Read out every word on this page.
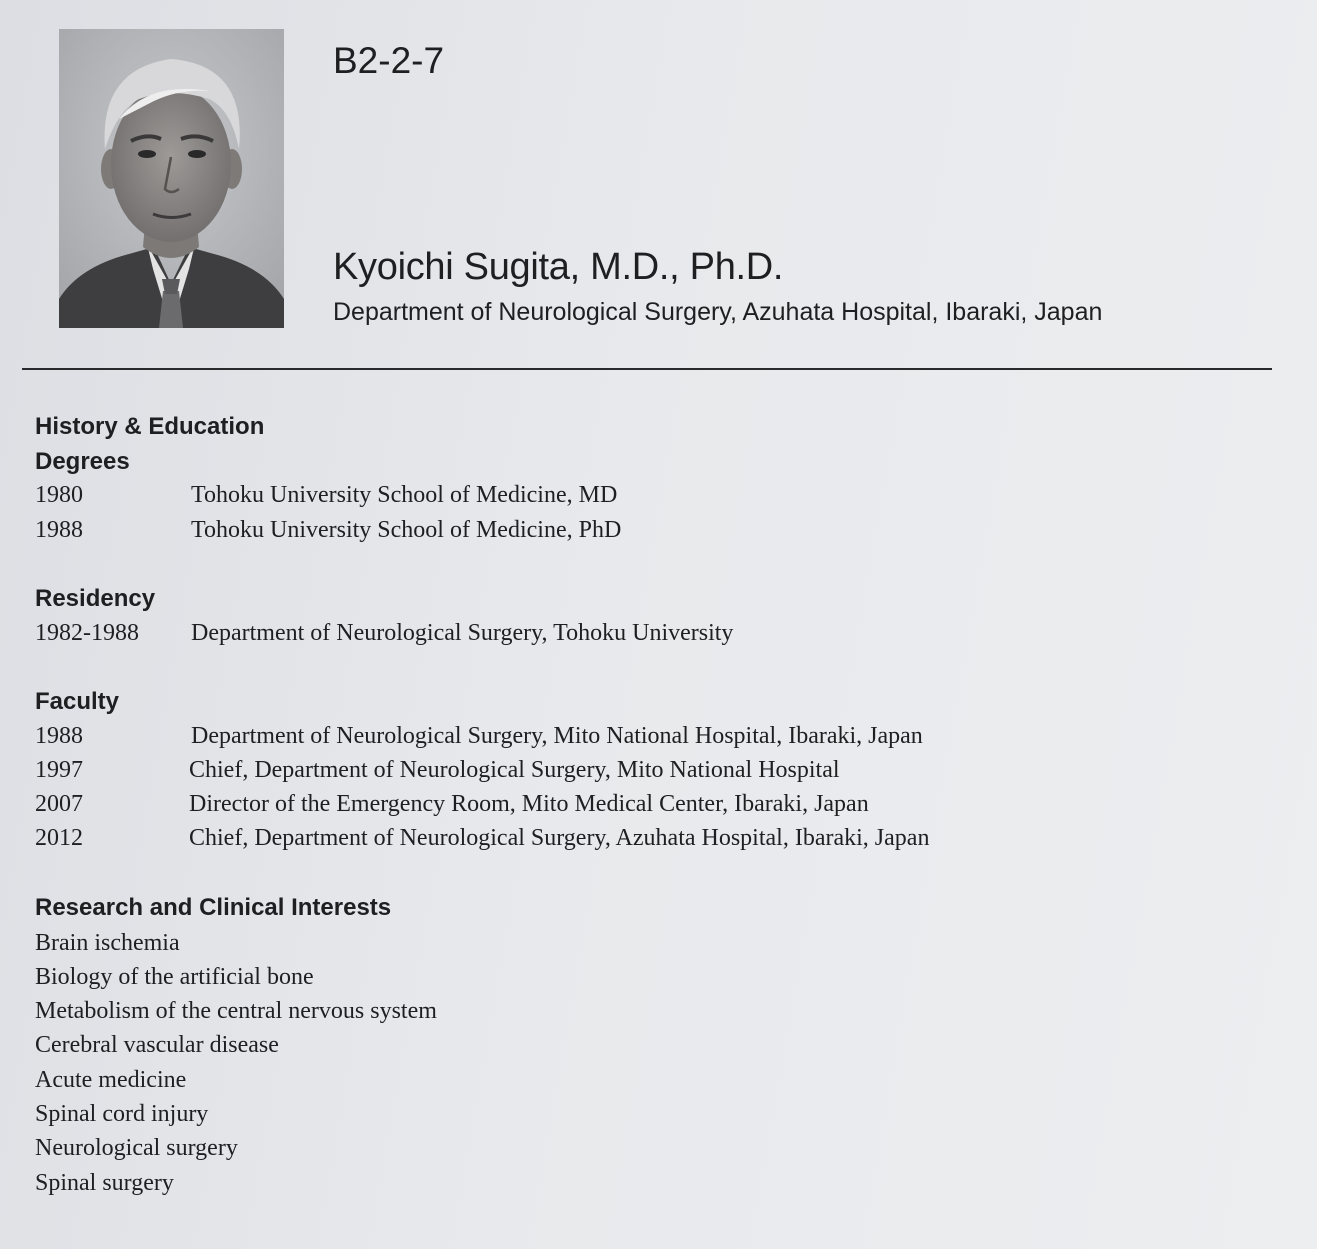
B2-2-7
Kyoichi Sugita, M.D., Ph.D.
Department of Neurological Surgery, Azuhata Hospital, Ibaraki, Japan
History & Education
Degrees
1980	Tohoku University School of Medicine, MD
1988	Tohoku University School of Medicine, PhD
Residency
1982-1988 Department of Neurological Surgery, Tohoku University
Faculty
1988	Department of Neurological Surgery, Mito National Hospital, Ibaraki, Japan
1997	Chief, Department of Neurological Surgery, Mito National Hospital
2007	Director of the Emergency Room, Mito Medical Center, Ibaraki, Japan
2012	Chief, Department of Neurological Surgery, Azuhata Hospital, Ibaraki, Japan
Research and Clinical Interests
Brain ischemia
Biology of the artificial bone
Metabolism of the central nervous system
Cerebral vascular disease
Acute medicine
Spinal cord injury
Neurological surgery
Spinal surgery
